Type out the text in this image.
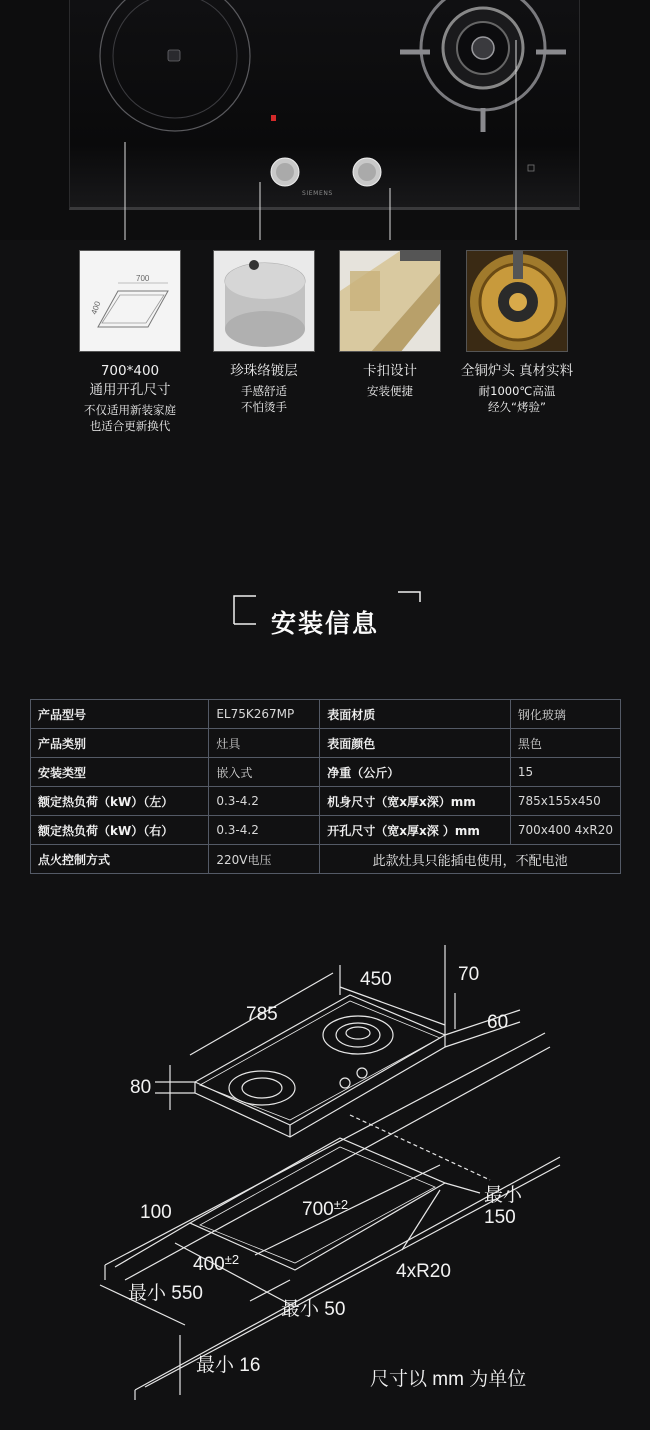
SIEMENS
700
400
700*400
通用开孔尺寸
不仅适用新装家庭
也适合更新换代
珍珠络镀层
手感舒适
不怕烫手
卡扣设计
安装便捷
全铜炉头 真材实料
耐1000℃高温
经久“烤验”
安装信息
产品型号	EL75K267MP	表面材质	钢化玻璃
产品类别	灶具	表面颜色	黑色
安装类型	嵌入式	净重（公斤）	15
额定热负荷（kW）（左）	0.3-4.2	机身尺寸（宽x厚x深）mm	785x155x450
额定热负荷（kW）（右）	0.3-4.2	开孔尺寸（宽x厚x深 ）mm	700x400 4xR20
点火控制方式	220V电压	此款灶具只能插电使用，不配电池	
450	70
785	60
80
100	$700^{\pm 2}$
$400^{\pm 2}$
最小
150
4xR20
最小 550
最小 50
最小 16
尺寸以 mm 为单位
